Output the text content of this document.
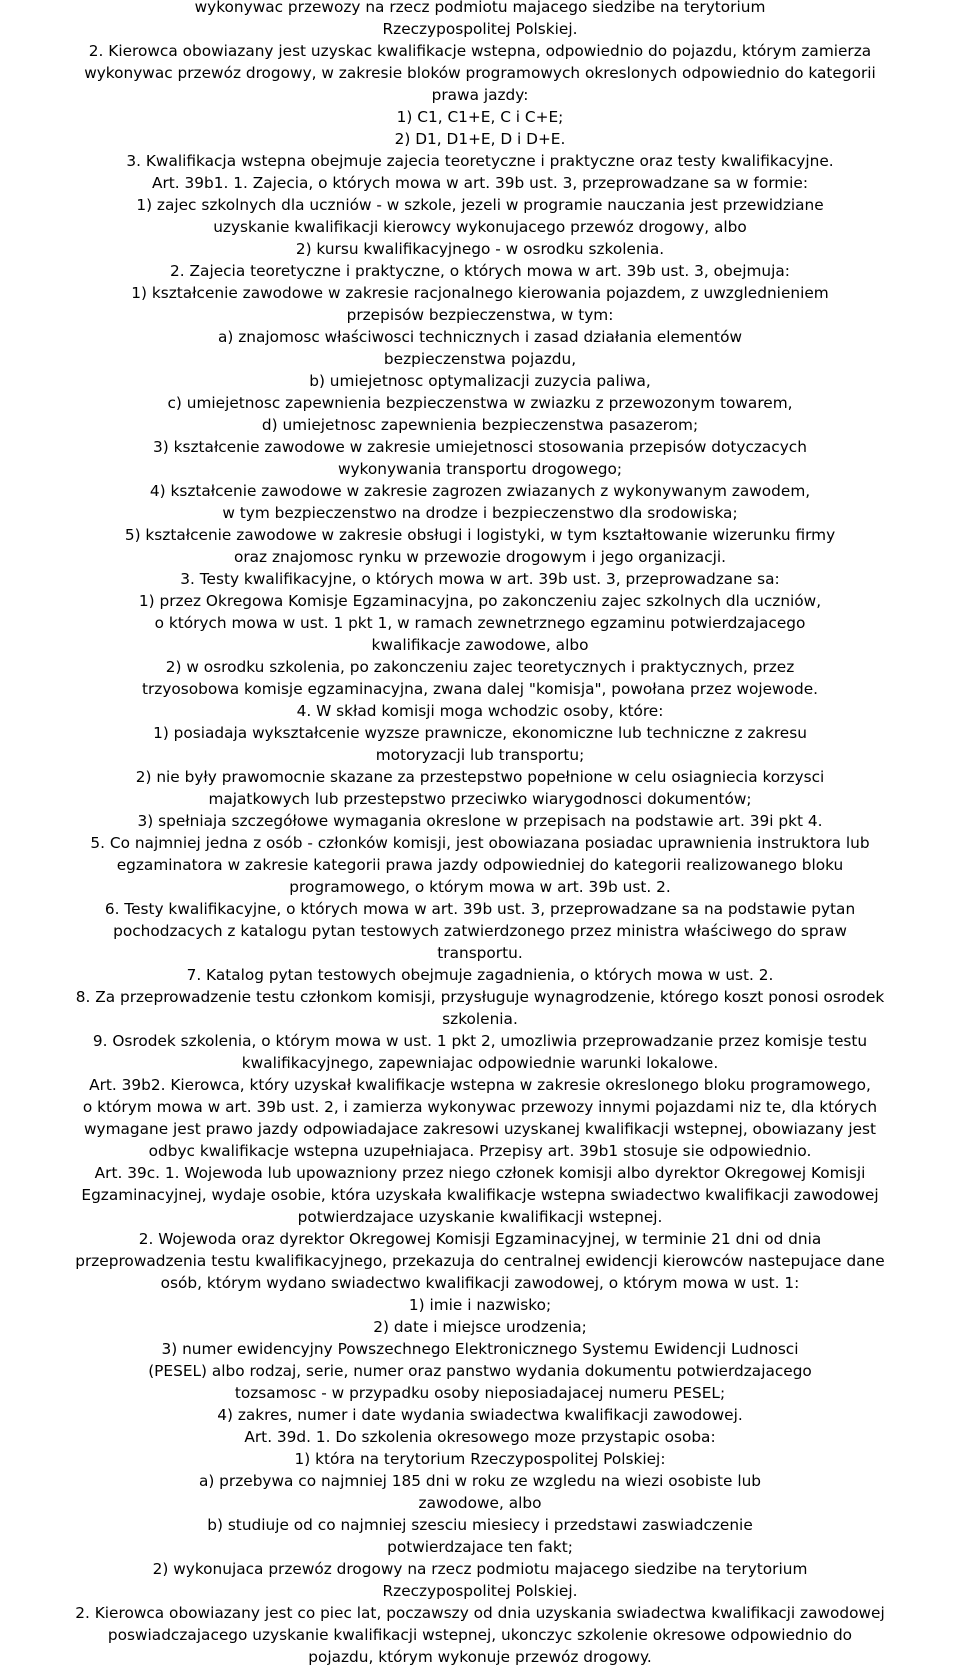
wykonywac przewozy na rzecz podmiotu majacego siedzibe na terytorium
Rzeczypospolitej Polskiej.
2. Kierowca obowiazany jest uzyskac kwalifikacje wstepna, odpowiednio do pojazdu, którym zamierza
wykonywac przewóz drogowy, w zakresie bloków programowych okreslonych odpowiednio do kategorii
prawa jazdy:
1) C1, C1+E, C i C+E;
2) D1, D1+E, D i D+E.
3. Kwalifikacja wstepna obejmuje zajecia teoretyczne i praktyczne oraz testy kwalifikacyjne.
Art. 39b1. 1. Zajecia, o których mowa w art. 39b ust. 3, przeprowadzane sa w formie:
1) zajec szkolnych dla uczniów - w szkole, jezeli w programie nauczania jest przewidziane
uzyskanie kwalifikacji kierowcy wykonujacego przewóz drogowy, albo
2) kursu kwalifikacyjnego - w osrodku szkolenia.
2. Zajecia teoretyczne i praktyczne, o których mowa w art. 39b ust. 3, obejmuja:
1) kształcenie zawodowe w zakresie racjonalnego kierowania pojazdem, z uwzglednieniem
przepisów bezpieczenstwa, w tym:
a) znajomosc właściwosci technicznych i zasad działania elementów
bezpieczenstwa pojazdu,
b) umiejetnosc optymalizacji zuzycia paliwa,
c) umiejetnosc zapewnienia bezpieczenstwa w zwiazku z przewozonym towarem,
d) umiejetnosc zapewnienia bezpieczenstwa pasazerom;
3) kształcenie zawodowe w zakresie umiejetnosci stosowania przepisów dotyczacych
wykonywania transportu drogowego;
4) kształcenie zawodowe w zakresie zagrozen zwiazanych z wykonywanym zawodem,
w tym bezpieczenstwo na drodze i bezpieczenstwo dla srodowiska;
5) kształcenie zawodowe w zakresie obsługi i logistyki, w tym kształtowanie wizerunku firmy
oraz znajomosc rynku w przewozie drogowym i jego organizacji.
3. Testy kwalifikacyjne, o których mowa w art. 39b ust. 3, przeprowadzane sa:
1) przez Okregowa Komisje Egzaminacyjna, po zakonczeniu zajec szkolnych dla uczniów,
o których mowa w ust. 1 pkt 1, w ramach zewnetrznego egzaminu potwierdzajacego
kwalifikacje zawodowe, albo
2) w osrodku szkolenia, po zakonczeniu zajec teoretycznych i praktycznych, przez
trzyosobowa komisje egzaminacyjna, zwana dalej "komisja", powołana przez wojewode.
4. W skład komisji moga wchodzic osoby, które:
1) posiadaja wykształcenie wyzsze prawnicze, ekonomiczne lub techniczne z zakresu
motoryzacji lub transportu;
2) nie były prawomocnie skazane za przestepstwo popełnione w celu osiagniecia korzysci
majatkowych lub przestepstwo przeciwko wiarygodnosci dokumentów;
3) spełniaja szczegółowe wymagania okreslone w przepisach na podstawie art. 39i pkt 4.
5. Co najmniej jedna z osób - członków komisji, jest obowiazana posiadac uprawnienia instruktora lub
egzaminatora w zakresie kategorii prawa jazdy odpowiedniej do kategorii realizowanego bloku
programowego, o którym mowa w art. 39b ust. 2.
6. Testy kwalifikacyjne, o których mowa w art. 39b ust. 3, przeprowadzane sa na podstawie pytan
pochodzacych z katalogu pytan testowych zatwierdzonego przez ministra właściwego do spraw
transportu.
7. Katalog pytan testowych obejmuje zagadnienia, o których mowa w ust. 2.
8. Za przeprowadzenie testu członkom komisji, przysługuje wynagrodzenie, którego koszt ponosi osrodek
szkolenia.
9. Osrodek szkolenia, o którym mowa w ust. 1 pkt 2, umozliwia przeprowadzanie przez komisje testu
kwalifikacyjnego, zapewniajac odpowiednie warunki lokalowe.
Art. 39b2. Kierowca, który uzyskał kwalifikacje wstepna w zakresie okreslonego bloku programowego,
o którym mowa w art. 39b ust. 2, i zamierza wykonywac przewozy innymi pojazdami niz te, dla których
wymagane jest prawo jazdy odpowiadajace zakresowi uzyskanej kwalifikacji wstepnej, obowiazany jest
odbyc kwalifikacje wstepna uzupełniajaca. Przepisy art. 39b1 stosuje sie odpowiednio.
Art. 39c. 1. Wojewoda lub upowazniony przez niego członek komisji albo dyrektor Okregowej Komisji
Egzaminacyjnej, wydaje osobie, która uzyskała kwalifikacje wstepna swiadectwo kwalifikacji zawodowej
potwierdzajace uzyskanie kwalifikacji wstepnej.
2. Wojewoda oraz dyrektor Okregowej Komisji Egzaminacyjnej, w terminie 21 dni od dnia
przeprowadzenia testu kwalifikacyjnego, przekazuja do centralnej ewidencji kierowców nastepujace dane
osób, którym wydano swiadectwo kwalifikacji zawodowej, o którym mowa w ust. 1:
1) imie i nazwisko;
2) date i miejsce urodzenia;
3) numer ewidencyjny Powszechnego Elektronicznego Systemu Ewidencji Ludnosci
(PESEL) albo rodzaj, serie, numer oraz panstwo wydania dokumentu potwierdzajacego
tozsamosc - w przypadku osoby nieposiadajacej numeru PESEL;
4) zakres, numer i date wydania swiadectwa kwalifikacji zawodowej.
Art. 39d. 1. Do szkolenia okresowego moze przystapic osoba:
1) która na terytorium Rzeczypospolitej Polskiej:
a) przebywa co najmniej 185 dni w roku ze wzgledu na wiezi osobiste lub
zawodowe, albo
b) studiuje od co najmniej szesciu miesiecy i przedstawi zaswiadczenie
potwierdzajace ten fakt;
2) wykonujaca przewóz drogowy na rzecz podmiotu majacego siedzibe na terytorium
Rzeczypospolitej Polskiej.
2. Kierowca obowiazany jest co piec lat, poczawszy od dnia uzyskania swiadectwa kwalifikacji zawodowej
poswiadczajacego uzyskanie kwalifikacji wstepnej, ukonczyc szkolenie okresowe odpowiednio do
pojazdu, którym wykonuje przewóz drogowy.
